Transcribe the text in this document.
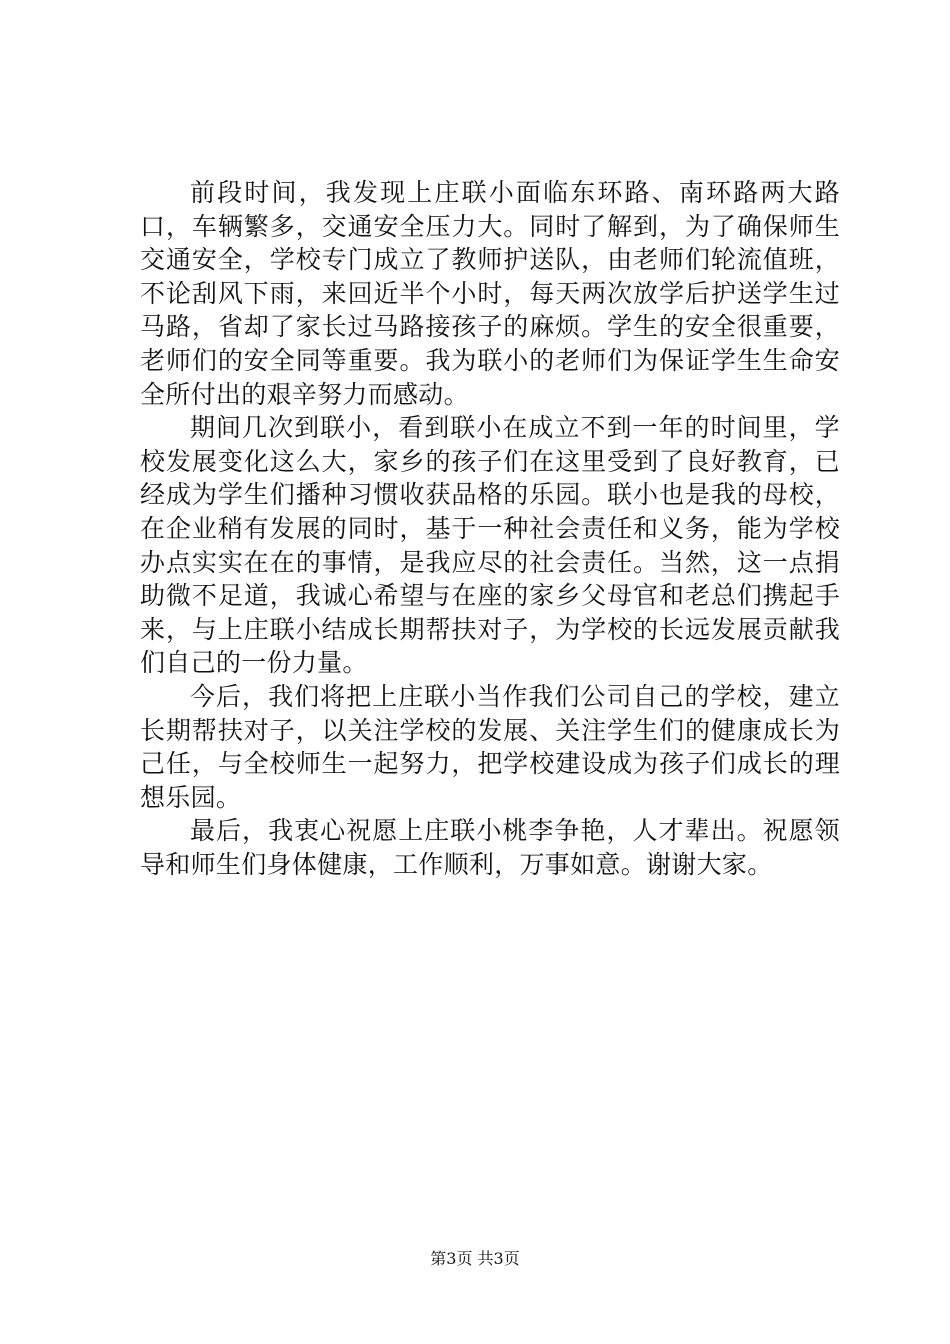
前段时间，我发现上庄联小面临东环路、南环路两大路口，车辆繁多，交通安全压力大。同时了解到，为了确保师生交通安全，学校专门成立了教师护送队，由老师们轮流值班，不论刮风下雨，来回近半个小时，每天两次放学后护送学生过马路，省却了家长过马路接孩子的麻烦。学生的安全很重要，老师们的安全同等重要。我为联小的老师们为保证学生生命安全所付出的艰辛努力而感动。

期间几次到联小，看到联小在成立不到一年的时间里，学校发展变化这么大，家乡的孩子们在这里受到了良好教育，已经成为学生们播种习惯收获品格的乐园。联小也是我的母校，在企业稍有发展的同时，基于一种社会责任和义务，能为学校办点实实在在的事情，是我应尽的社会责任。当然，这一点捐助微不足道，我诚心希望与在座的家乡父母官和老总们携起手来，与上庄联小结成长期帮扶对子，为学校的长远发展贡献我们自己的一份力量。

今后，我们将把上庄联小当作我们公司自己的学校，建立长期帮扶对子，以关注学校的发展、关注学生们的健康成长为己任，与全校师生一起努力，把学校建设成为孩子们成长的理想乐园。

最后，我衷心祝愿上庄联小桃李争艳，人才辈出。祝愿领导和师生们身体健康，工作顺利，万事如意。谢谢大家。

第3页 共3页
